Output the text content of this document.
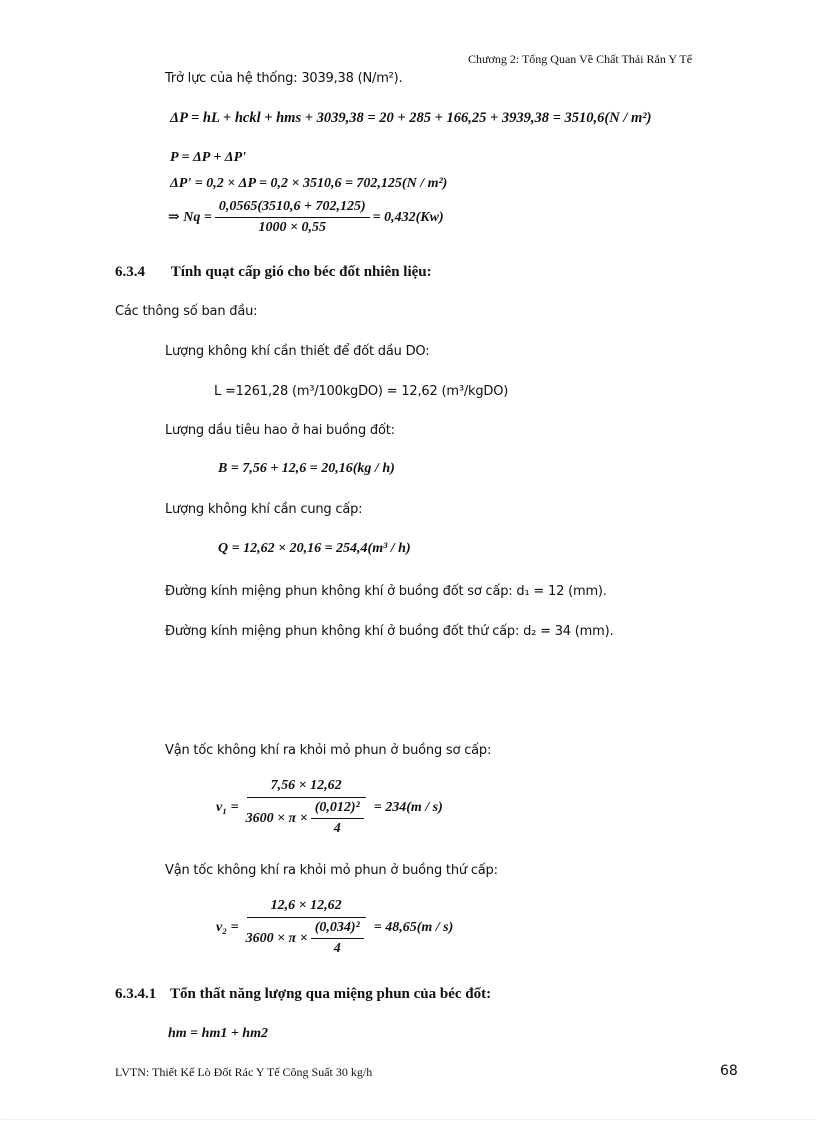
Chương 2: Tổng Quan Về Chất Thải Rắn Y Tế
Trở lực của hệ thống: 3039,38 (N/m²).
ΔP = hL + hckl + hms + 3039,38 = 20 + 285 + 166,25 + 3939,38 = 3510,6(N / m²)
P = ΔP + ΔP'
ΔP' = 0,2 × ΔP = 0,2 × 3510,6 = 702,125(N / m²)
⇒ $Nq = \frac{0,0565(3510,6 + 702,125)}{1000 \times 0,55} = 0,432(Kw)$
6.3.4 Tính quạt cấp gió cho béc đốt nhiên liệu:
Các thông số ban đầu:
Lượng không khí cần thiết để đốt dầu DO:
L =1261,28 (m³/100kgDO) = 12,62 (m³/kgDO)
Lượng dầu tiêu hao ở hai buồng đốt:
B = 7,56 + 12,6 = 20,16(kg / h)
Lượng không khí cần cung cấp:
Q = 12,62 × 20,16 = 254,4(m³ / h)
Đường kính miệng phun không khí ở buồng đốt sơ cấp: d₁ = 12 (mm).
Đường kính miệng phun không khí ở buồng đốt thứ cấp: d₂ = 34 (mm).
Vận tốc không khí ra khỏi mỏ phun ở buồng sơ cấp:
$v_1 = \frac{7,56 \times 12,62}{3600 \times \pi \times \frac{\text{(0,012)²}}{4}} = 234(m / s)$
Vận tốc không khí ra khỏi mỏ phun ở buồng thứ cấp:
$v_2 = \frac{12,6 \times 12,62}{3600 \times \pi \times \frac{\text{(0,034)²}}{4}} = 48,65(m / s)$
6.3.4.1 Tổn thất năng lượng qua miệng phun của béc đốt:
hm = hm1 + hm2
LVTN: Thiết Kế Lò Đốt Rác Y Tế Công Suất 30 kg/h	68
